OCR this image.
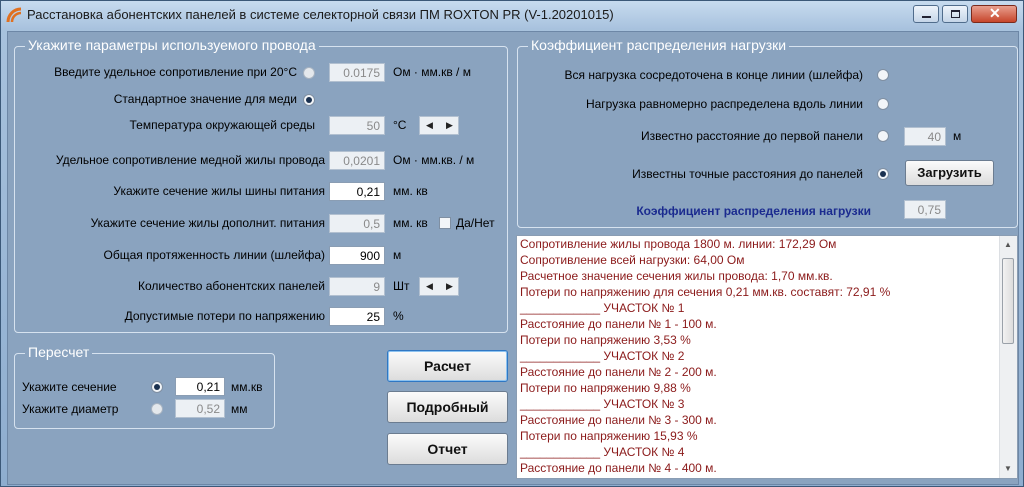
Расстановка абонентских панелей в системе селекторной связи ПМ ROXTON PR (V-1.20201015)	✕
Укажите параметры используемого провода
Введите удельное сопротивление при 20°С	0.0175	Ом · мм.кв / м
Стандартное значение для меди
Температура окружающей среды	50	°С ◀ ▶
Удельное сопротивление медной жилы провода	0,0201	Ом · мм.кв. / м
Укажите сечение жилы шины питания	0,21	мм. кв
Укажите сечение жилы дополнит. питания	0,5	мм. кв Да/Нет
Общая протяженность линии (шлейфа)	900	м
Количество абонентских панелей	9	Шт ◀ ▶
Допустимые потери по напряжению	25	%
Пересчет
Укажите сечение	0,21 мм.кв
Укажите диаметр	0,52 мм
Расчет
Подробный
Отчет
Коэффициент распределения нагрузки
Вся нагрузка сосредоточена в конце линии (шлейфа)
Нагрузка равномерно распределена вдоль линии
Известно расстояние до первой панели	40	м
Известны точные расстояния до панелей	Загрузить
Коэффициент распределения нагрузки	0,75
Сопротивление жилы провода 1800 м. линии: 172,29 Ом
Сопротивление всей нагрузки: 64,00 Ом
Расчетное значение сечения жилы провода: 1,70 мм.кв.
Потери по напряжению для сечения 0,21 мм.кв. составят: 72,91 %
____________ УЧАСТОК № 1
Расстояние до панели № 1 - 100 м.
Потери по напряжению 3,53 %
____________ УЧАСТОК № 2
Расстояние до панели № 2 - 200 м.
Потери по напряжению 9,88 %
____________ УЧАСТОК № 3
Расстояние до панели № 3 - 300 м.
Потери по напряжению 15,93 %
____________ УЧАСТОК № 4
Расстояние до панели № 4 - 400 м.
▲
▼
